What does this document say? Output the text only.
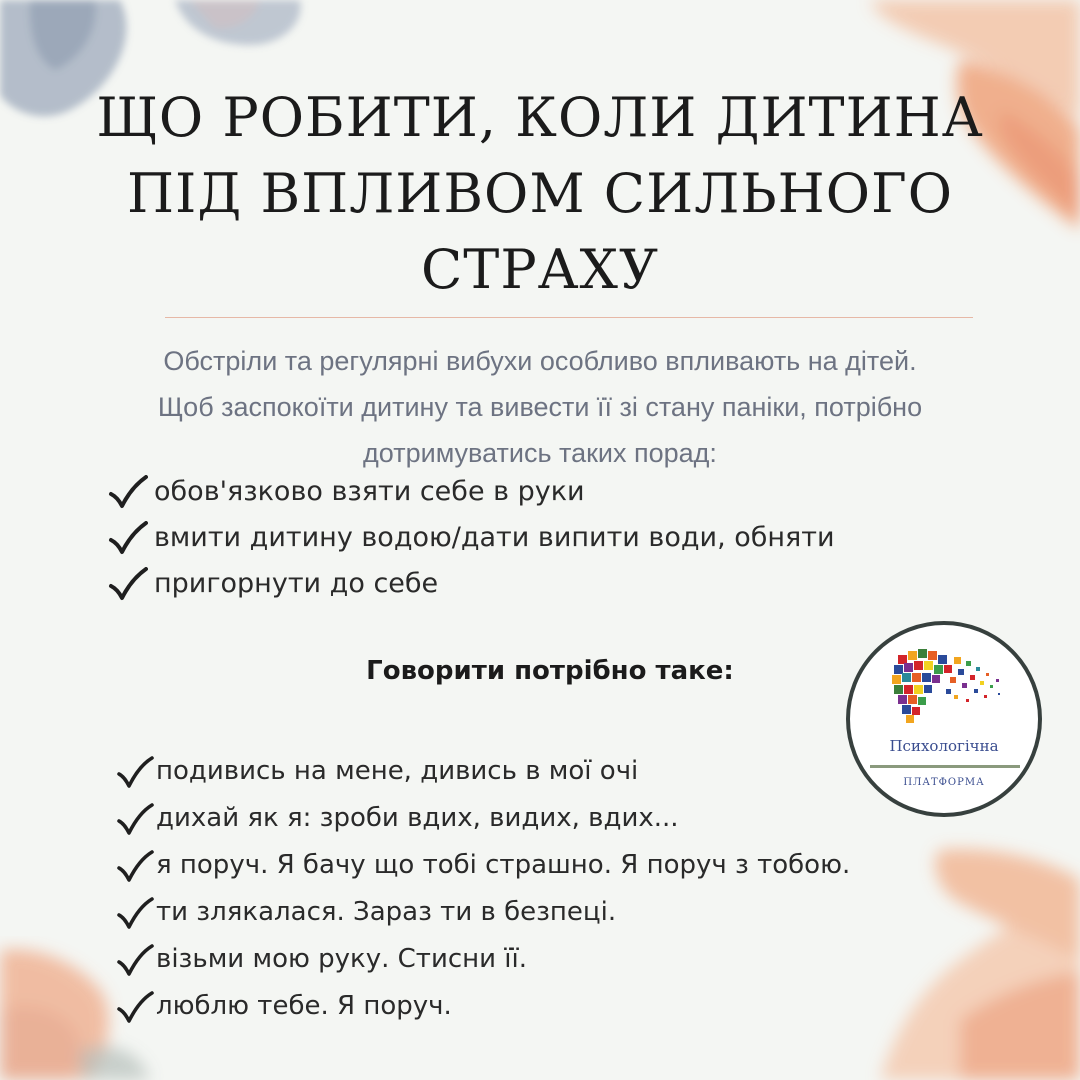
ЩО РОБИТИ, КОЛИ ДИТИНА
ПІД ВПЛИВОМ СИЛЬНОГО
СТРАХУ
Обстріли та регулярні вибухи особливо впливають на дітей.
Щоб заспокоїти дитину та вивести її зі стану паніки, потрібно
дотримуватись таких порад:
обов'язково взяти себе в руки
вмити дитину водою/дати випити води, обняти
пригорнути до себе
Говорити потрібно таке:
подивись на мене, дивись в мої очі
дихай як я: зроби вдих, видих, вдих...
я поруч. Я бачу що тобі страшно. Я поруч з тобою.
ти злякалася. Зараз ти в безпеці.
візьми мою руку. Стисни її.
люблю тебе. Я поруч.
Психологічна
ПЛАТФОРМА
